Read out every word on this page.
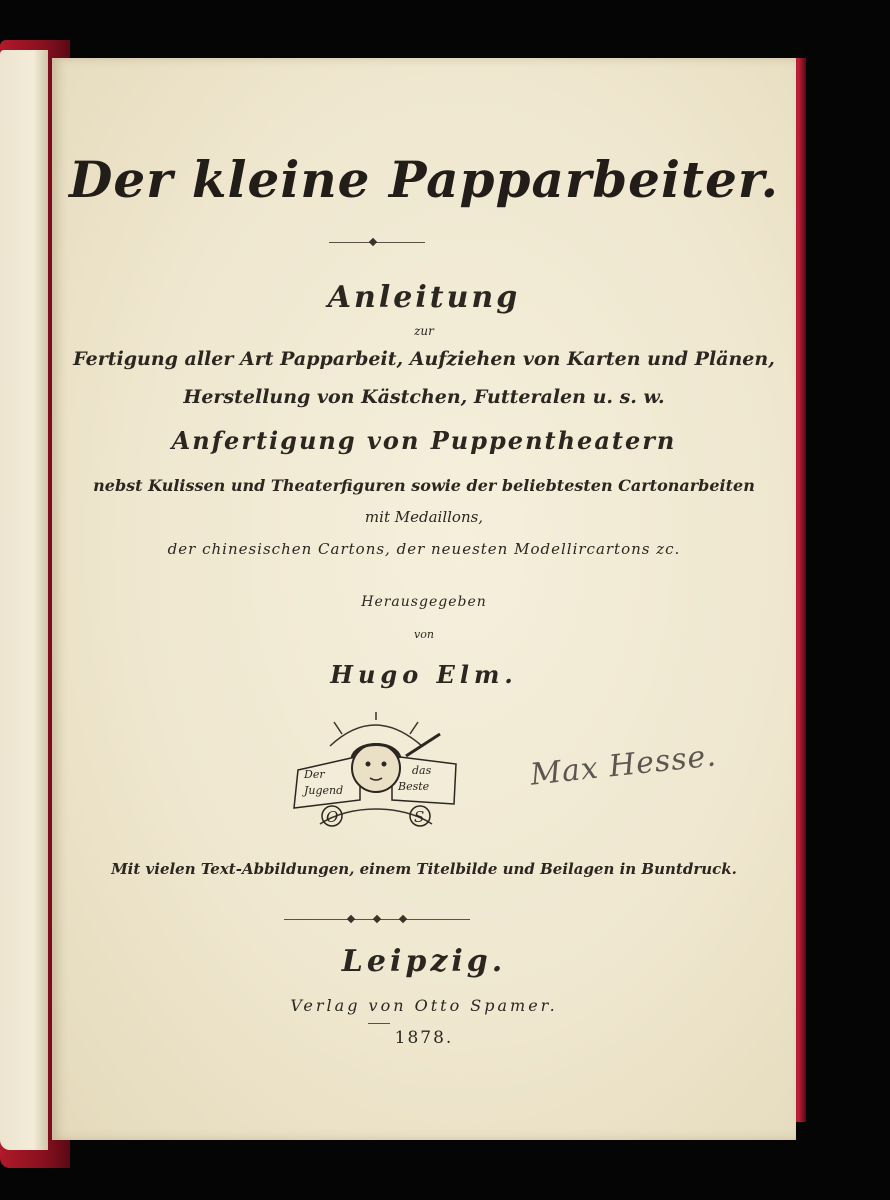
Der kleine Papparbeiter.
Anleitung
zur
Fertigung aller Art Papparbeit, Aufziehen von Karten und Plänen,
Herstellung von Kästchen, Futteralen u. s. w.
Anfertigung von Puppentheatern
nebst Kulissen und Theaterfiguren sowie der beliebtesten Cartonarbeiten
mit Medaillons,
der chinesischen Cartons, der neuesten Modellircartons zc.
Herausgegeben
von
Hugo Elm.
Der Jugend
das Beste
O	S
Max Hesse.
Mit vielen Text-Abbildungen, einem Titelbilde und Beilagen in Buntdruck.
Leipzig.
Verlag von Otto Spamer.
1878.
